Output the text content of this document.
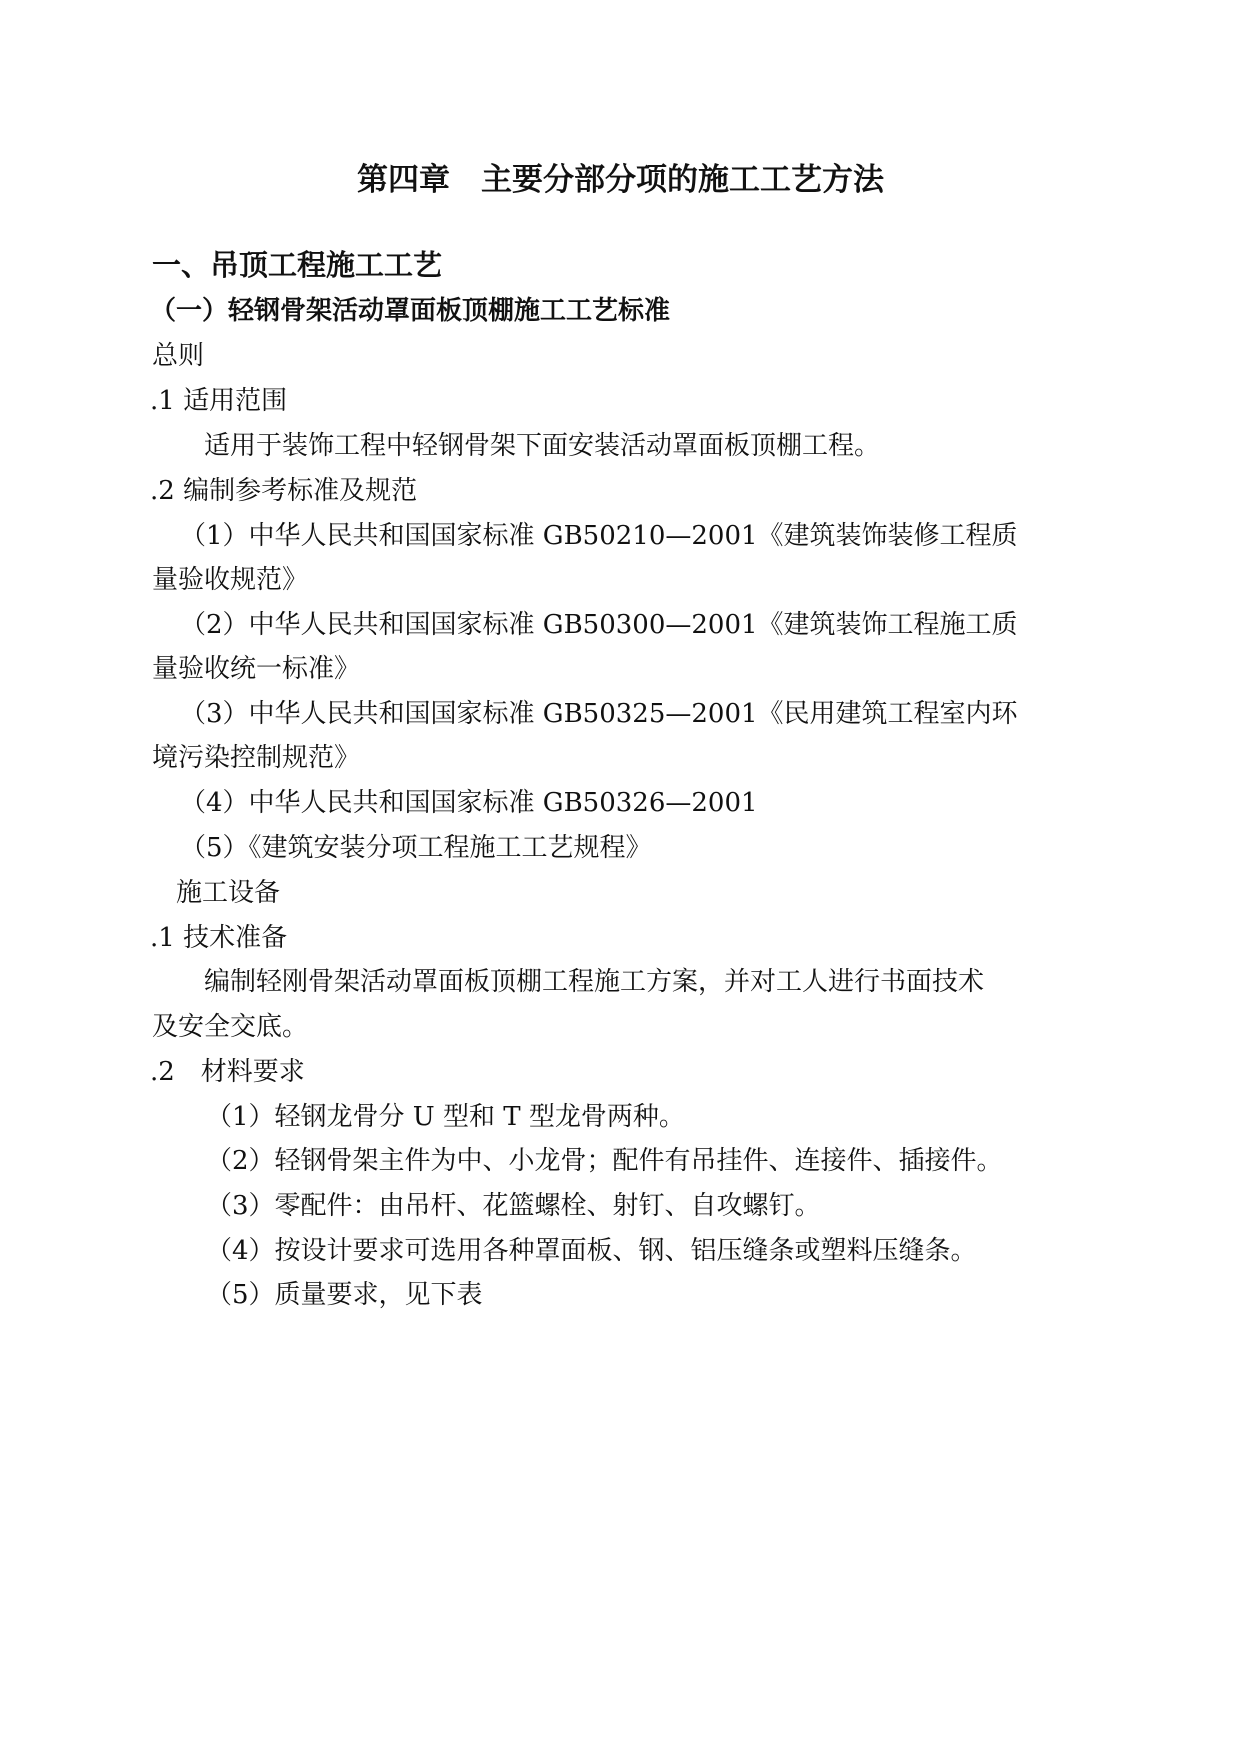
第四章　主要分部分项的施工工艺方法
一、吊顶工程施工工艺
（一）轻钢骨架活动罩面板顶棚施工工艺标准
总则
.1 适用范围
适用于装饰工程中轻钢骨架下面安装活动罩面板顶棚工程。
.2 编制参考标准及规范
（1）中华人民共和国国家标准 GB50210—2001《建筑装饰装修工程质
量验收规范》
（2）中华人民共和国国家标准 GB50300—2001《建筑装饰工程施工质
量验收统一标准》
（3）中华人民共和国国家标准 GB50325—2001《民用建筑工程室内环
境污染控制规范》
（4）中华人民共和国国家标准 GB50326—2001
（5）《建筑安装分项工程施工工艺规程》
施工设备
.1 技术准备
编制轻刚骨架活动罩面板顶棚工程施工方案，并对工人进行书面技术
及安全交底。
.2　材料要求
（1）轻钢龙骨分 U 型和 T 型龙骨两种。
（2）轻钢骨架主件为中、小龙骨；配件有吊挂件、连接件、插接件。
（3）零配件：由吊杆、花篮螺栓、射钉、自攻螺钉。
（4）按设计要求可选用各种罩面板、钢、铝压缝条或塑料压缝条。
（5）质量要求，见下表
